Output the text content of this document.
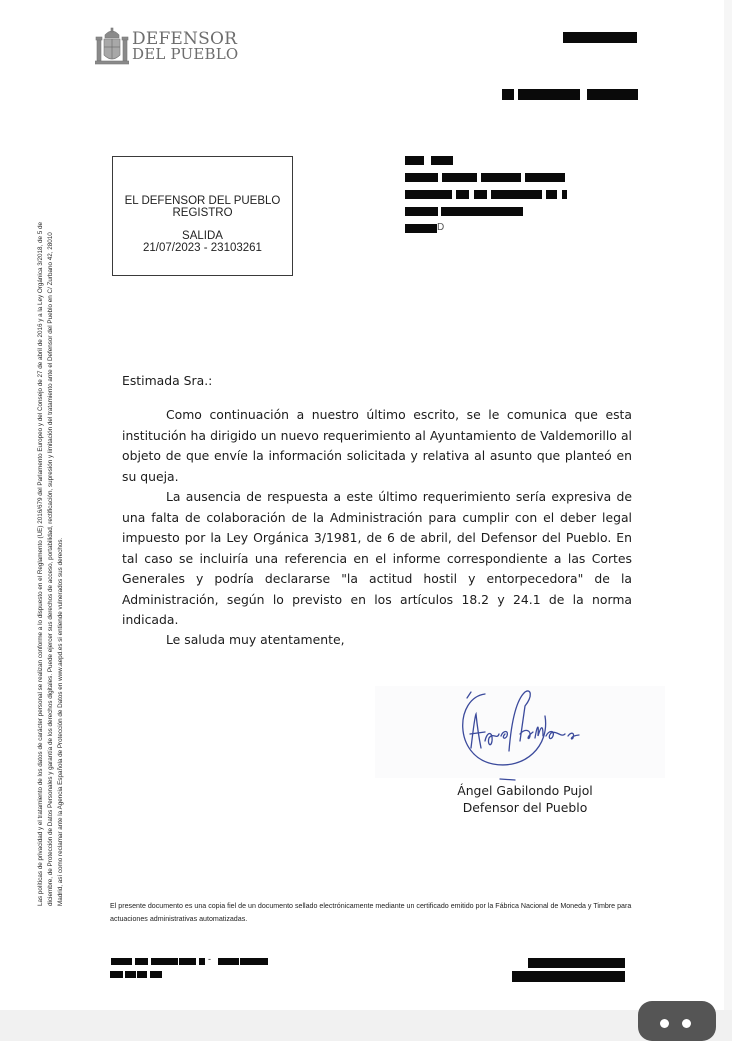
DEFENSOR
DEL PUEBLO
EL DEFENSOR DEL PUEBLO
REGISTRO
SALIDA
21/07/2023 - 23103261
D
Las políticas de privacidad y el tratamiento de los datos de carácter personal se realizan conforme a lo dispuesto en el Reglamento (UE) 2016/679 del Parlamento Europeo y del Consejo de 27 de abril de 2016 y a la Ley Orgánica 3/2018, de 5 de diciembre, de Protección de Datos Personales y garantía de los derechos digitales. Puede ejercer sus derechos de acceso, portabilidad, rectificación, supresión y limitación del tratamiento ante el Defensor del Pueblo en C/ Zurbano 42, 28010 Madrid, así como reclamar ante la Agencia Española de Protección de Datos en www.aepd.es si entiende vulnerados sus derechos.
Estimada Sra.:
Como continuación a nuestro último escrito, se le comunica que esta institución ha dirigido un nuevo requerimiento al Ayuntamiento de Valdemorillo al objeto de que envíe la información solicitada y relativa al asunto que planteó en su queja.
La ausencia de respuesta a este último requerimiento sería expresiva de una falta de colaboración de la Administración para cumplir con el deber legal impuesto por la Ley Orgánica 3/1981, de 6 de abril, del Defensor del Pueblo. En tal caso se incluiría una referencia en el informe correspondiente a las Cortes Generales y podría declararse "la actitud hostil y entorpecedora" de la Administración, según lo previsto en los artículos 18.2 y 24.1 de la norma indicada.
Le saluda muy atentamente,
Ángel Gabilondo Pujol
Defensor del Pueblo
El presente documento es una copia fiel de un documento sellado electrónicamente mediante un certificado emitido por la Fábrica Nacional de Moneda y Timbre para
actuaciones administrativas automatizadas.
-
